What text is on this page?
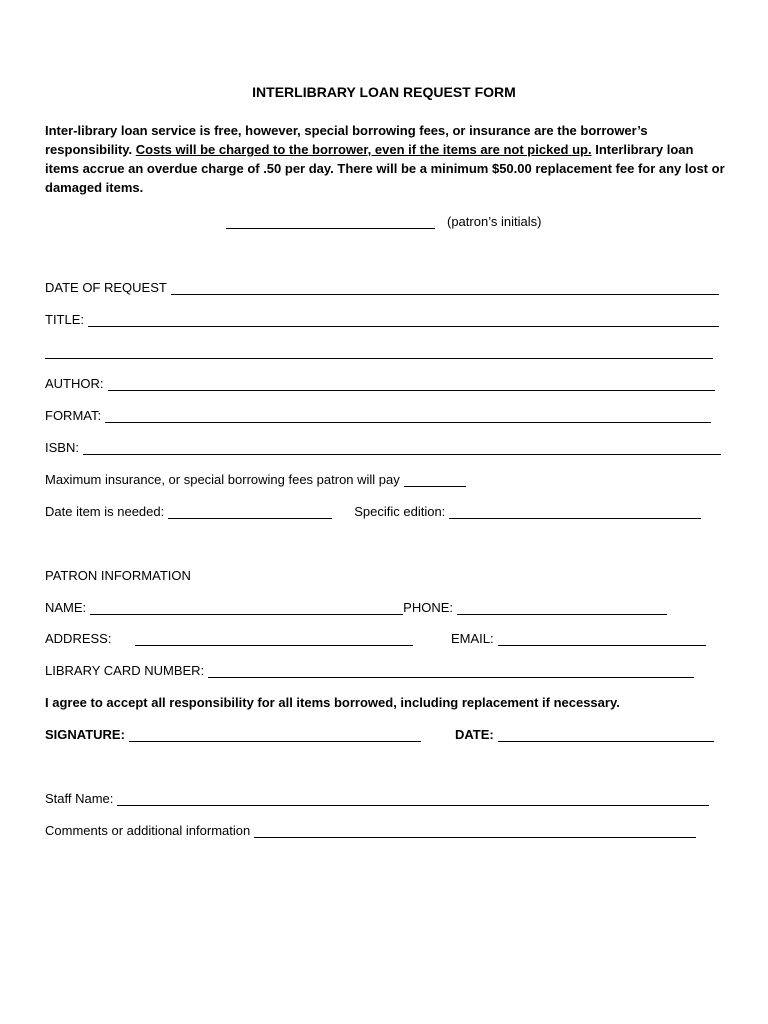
INTERLIBRARY LOAN REQUEST FORM
Inter-library loan service is free, however, special borrowing fees, or insurance are the borrower’s responsibility. Costs will be charged to the borrower, even if the items are not picked up. Interlibrary loan items accrue an overdue charge of .50 per day. There will be a minimum $50.00 replacement fee for any lost or damaged items.
(patron’s initials)
DATE OF REQUEST
TITLE:
AUTHOR:
FORMAT:
ISBN:
Maximum insurance, or special borrowing fees patron will pay
Date item is needed:	Specific edition:
PATRON INFORMATION
NAME:	PHONE:
ADDRESS:	EMAIL:
LIBRARY CARD NUMBER:
I agree to accept all responsibility for all items borrowed, including replacement if necessary.
SIGNATURE:	DATE:
Staff Name:
Comments or additional information
